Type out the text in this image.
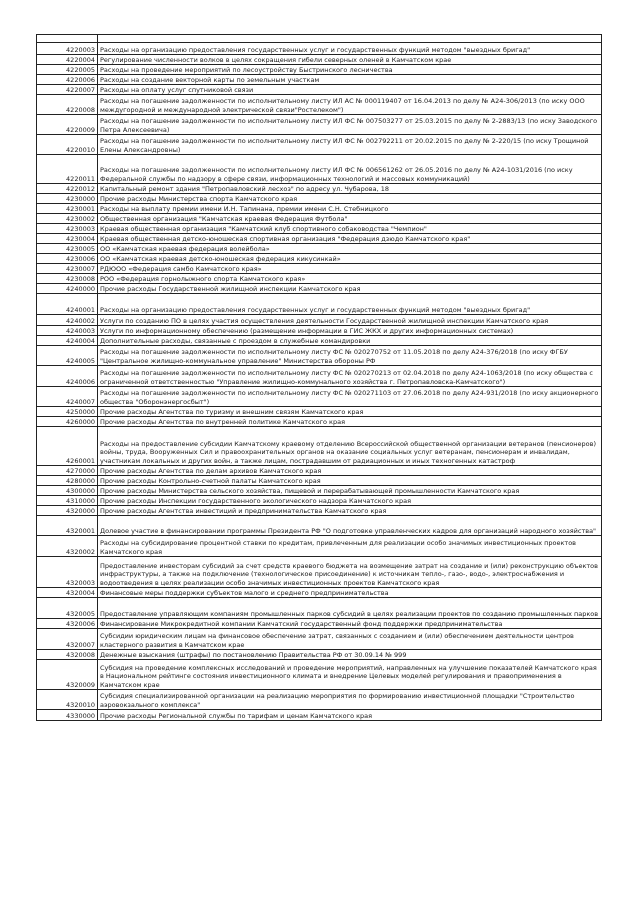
4220003	Расходы на организацию предоставления государственных услуг и государственных функций методом "выездных бригад"
4220004	Регулирование численности волков в целях сокращения гибели северных оленей в Камчатском крае
4220005	Расходы на проведение мероприятий по лесоустройству Быстринского лесничества
4220006	Расходы на создание векторной карты по земельным участкам
4220007	Расходы на оплату услуг спутниковой связи
4220008	Расходы на погашение задолженности по исполнительному листу ИЛ АС № 000119407 от 16.04.2013 по делу № А24-306/2013 (по иску ООО междугородной и международной электрической связи"Ростелеком")
4220009	Расходы на погашение задолженности по исполнительному листу ИЛ ФС № 007503277 от 25.03.2015 по делу № 2-2883/13 (по иску Заводского Петра Алексеевича)
4220010	Расходы на погашение задолженности по исполнительному листу ИЛ ФС № 002792211 от 20.02.2015 по делу № 2-220/15 (по иску Трощиной Елены Александровны)
4220011	Расходы на погашение задолженности по исполнительному листу ИЛ ФС № 006561262 от 26.05.2016 по делу № А24-1031/2016 (по иску Федеральной службы по надзору в сфере связи, информационных технологий и массовых коммуникаций)
4220012	Капитальный ремонт здания "Петропавловский лесхоз" по адресу ул. Чубарова, 18
4230000	Прочие расходы Министерства спорта Камчатского края
4230001	Расходы на выплату премии имени И.Н. Тапинана, премии имени С.Н. Стебницкого
4230002	Общественная организация "Камчатская краевая Федерация Футбола"
4230003	Краевая общественная организация "Камчатский клуб спортивного собаководства "Чемпион"
4230004	Краевая общественная детско-юношеская спортивная организация "Федерация дзюдо Камчатского края"
4230005	ОО «Камчатская краевая федерация волейбола»
4230006	ОО «Камчатская краевая детско-юношеская федерация кикусинкай»
4230007	РДЮОО «Федерация самбо Камчатского края»
4230008	РОО «Федерация горнолыжного спорта Камчатского края»
4240000	Прочие расходы Государственной жилищной инспекции Камчатского края
4240001	Расходы на организацию предоставления государственных услуг и государственных функций методом "выездных бригад"
4240002	Услуги по созданию ПО в целях участия осуществления деятельности Государственной жилищной инспекции Камчатского края
4240003	Услуги по информационному обеспечению (размещение информации в ГИС ЖКХ и других информационных системах)
4240004	Дополнительные расходы, связанные с проездом в служебные командировки
4240005	Расходы на погашение задолженности по исполнительному листу ФС № 020270752 от 11.05.2018 по делу А24-376/2018 (по иску ФГБУ "Центральное жилищно-коммунальное управление" Министерства обороны РФ
4240006	Расходы на погашение задолженности по исполнительному листу ФС № 020270213 от 02.04.2018 по делу А24-1063/2018 (по иску общества с ограниченной ответственностью "Управление жилищно-коммунального хозяйства г. Петропавловска-Камчатского")
4240007	Расходы на погашение задолженности по исполнительному листу ФС № 020271103 от 27.06.2018 по делу А24-931/2018 (по иску акционерного общества "Оборонэнергосбыт")
4250000	Прочие расходы Агентства по туризму и внешним связям Камчатского края
4260000	Прочие расходы Агентства по внутренней политике Камчатского края
4260001	Расходы на предоставление субсидии Камчатскому краевому отделению Всероссийской общественной организации ветеранов (пенсионеров) войны, труда, Вооруженных Сил и правоохранительных органов на оказание социальных услуг ветеранам, пенсионерам и инвалидам, участникам локальных и других войн, а также лицам, пострадавшим от радиационных и иных техногенных катастроф
4270000	Прочие расходы Агентства по делам архивов Камчатского края
4280000	Прочие расходы Контрольно-счетной палаты Камчатского края
4300000	Прочие расходы Министерства сельского хозяйства, пищевой и перерабатывающей промышленности Камчатского края
4310000	Прочие расходы Инспекции государственного экологического надзора Камчатского края
4320000	Прочие расходы Агентства инвестиций и предпринимательства Камчатского края
4320001	Долевое участие в финансировании программы Президента РФ "О подготовке управленческих кадров для организаций народного хозяйства"
4320002	Расходы на субсидирование процентной ставки по кредитам, привлеченным для реализации особо значимых инвестиционных проектов Камчатского края
4320003	Предоставление инвесторам субсидий за счет средств краевого бюджета на возмещение затрат на создание и (или) реконструкцию объектов инфраструктуры, а также на подключение (технологическое присоединение) к источникам тепло-, газо-, водо-, электроснабжения и водоотведения в целях реализации особо значимых инвестиционных проектов Камчатского края
4320004	Финансовые меры поддержки субъектов малого и среднего предпринимательства
4320005	Предоставление управляющим компаниям промышленных парков субсидий в целях реализации проектов по созданию промышленных парков
4320006	Финансирование Микрокредитной компании Камчатский государственный фонд поддержки предпринимательства
4320007	Субсидии юридическим лицам на финансовое обеспечение затрат, связанных с созданием и (или) обеспечением деятельности центров кластерного развития в Камчатском крае
4320008	Денежные взыскания (штрафы) по постановлению Правительства РФ от 30.09.14 № 999
4320009	Субсидия на проведение комплексных исследований и проведение мероприятий, направленных на улучшение показателей Камчатского края в Национальном рейтинге состояния инвестиционного климата и внедрение Целевых моделей регулирования и правоприменения в Камчатском крае
4320010	Субсидия специализированной организации на реализацию мероприятия по формированию инвестиционной площадки "Строительство аэровокзального комплекса"
4330000	Прочие расходы Региональной службы по тарифам и ценам Камчатского края
